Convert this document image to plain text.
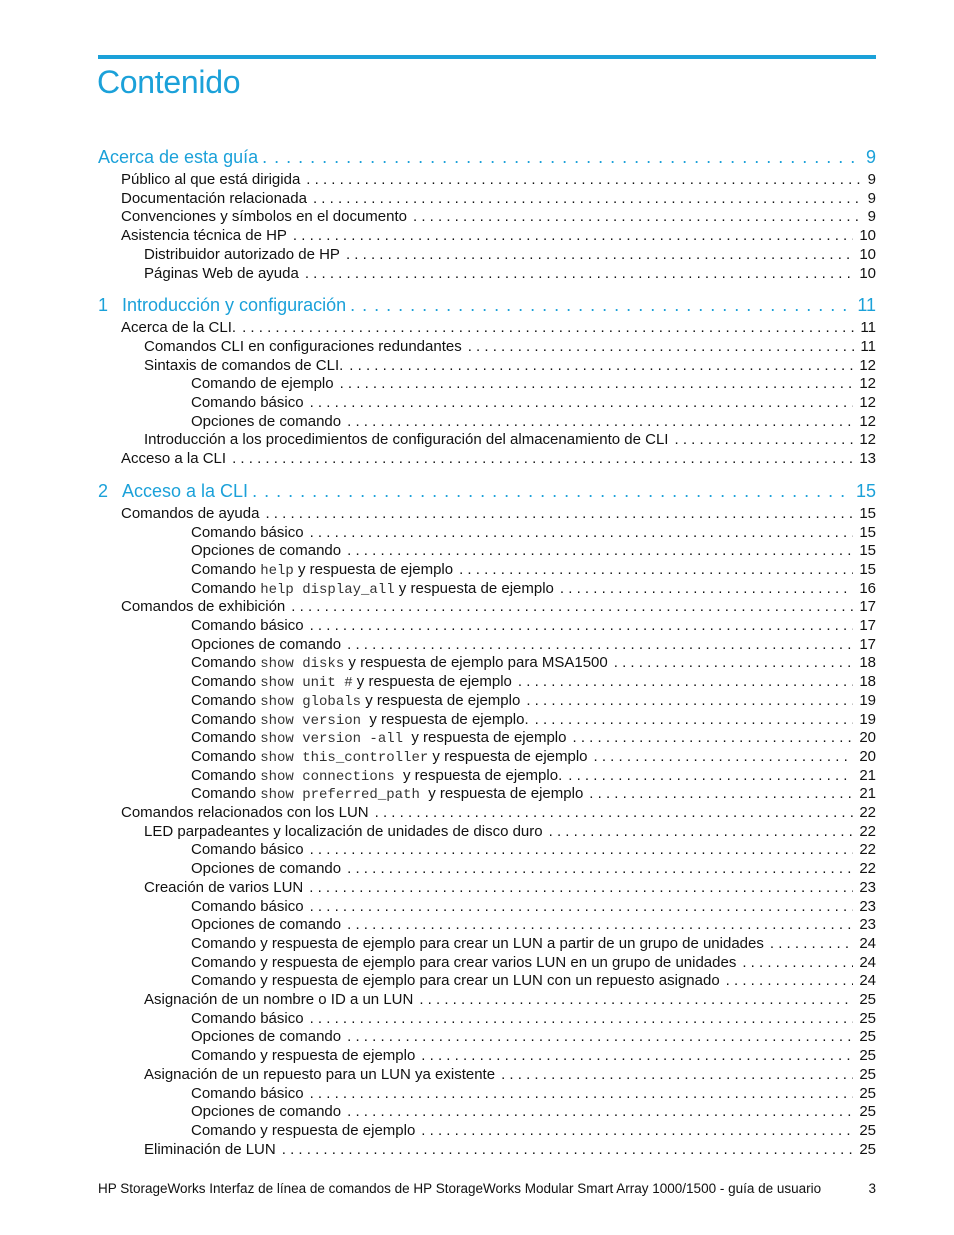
Contenido
Acerca de esta guía . . .	9
Público al que está dirigida . . .	9
Documentación relacionada . . .	9
Convenciones y símbolos en el documento . . .	9
Asistencia técnica de HP . . .	10
Distribuidor autorizado de HP . . .	10
Páginas Web de ayuda . . .	10
1 Introducción y configuración . . .	11
Acerca de la CLI. . . .	11
Comandos CLI en configuraciones redundantes . . .	11
Sintaxis de comandos de CLI. . . .	12
Comando de ejemplo . . .	12
Comando básico . . .	12
Opciones de comando . . .	12
Introducción a los procedimientos de configuración del almacenamiento de CLI . . .	12
Acceso a la CLI . . .	13
2 Acceso a la CLI . . .	15
Comandos de ayuda . . .	15
Comando básico . . .	15
Opciones de comando . . .	15
Comando help y respuesta de ejemplo . . .	15
Comando help display_all y respuesta de ejemplo . . .	16
Comandos de exhibición . . .	17
Comando básico . . .	17
Opciones de comando . . .	17
Comando show disks y respuesta de ejemplo para MSA1500 . . .	18
Comando show unit # y respuesta de ejemplo . . .	18
Comando show globals y respuesta de ejemplo . . .	19
Comando show version  y respuesta de ejemplo. . . .	19
Comando show version -all  y respuesta de ejemplo . . .	20
Comando show this_controller y respuesta de ejemplo . . .	20
Comando show connections  y respuesta de ejemplo. . . .	21
Comando show preferred_path  y respuesta de ejemplo . . .	21
Comandos relacionados con los LUN . . .	22
LED parpadeantes y localización de unidades de disco duro . . .	22
Comando básico . . .	22
Opciones de comando . . .	22
Creación de varios LUN . . .	23
Comando básico . . .	23
Opciones de comando . . .	23
Comando y respuesta de ejemplo para crear un LUN a partir de un grupo de unidades . . .	24
Comando y respuesta de ejemplo para crear varios LUN en un grupo de unidades . . .	24
Comando y respuesta de ejemplo para crear un LUN con un repuesto asignado . . .	24
Asignación de un nombre o ID a un LUN . . .	25
Comando básico . . .	25
Opciones de comando . . .	25
Comando y respuesta de ejemplo . . .	25
Asignación de un repuesto para un LUN ya existente . . .	25
Comando básico . . .	25
Opciones de comando . . .	25
Comando y respuesta de ejemplo . . .	25
Eliminación de LUN . . .	25
HP StorageWorks Interfaz de línea de comandos de HP StorageWorks Modular Smart Array 1000/1500 - guía de usuario	3
